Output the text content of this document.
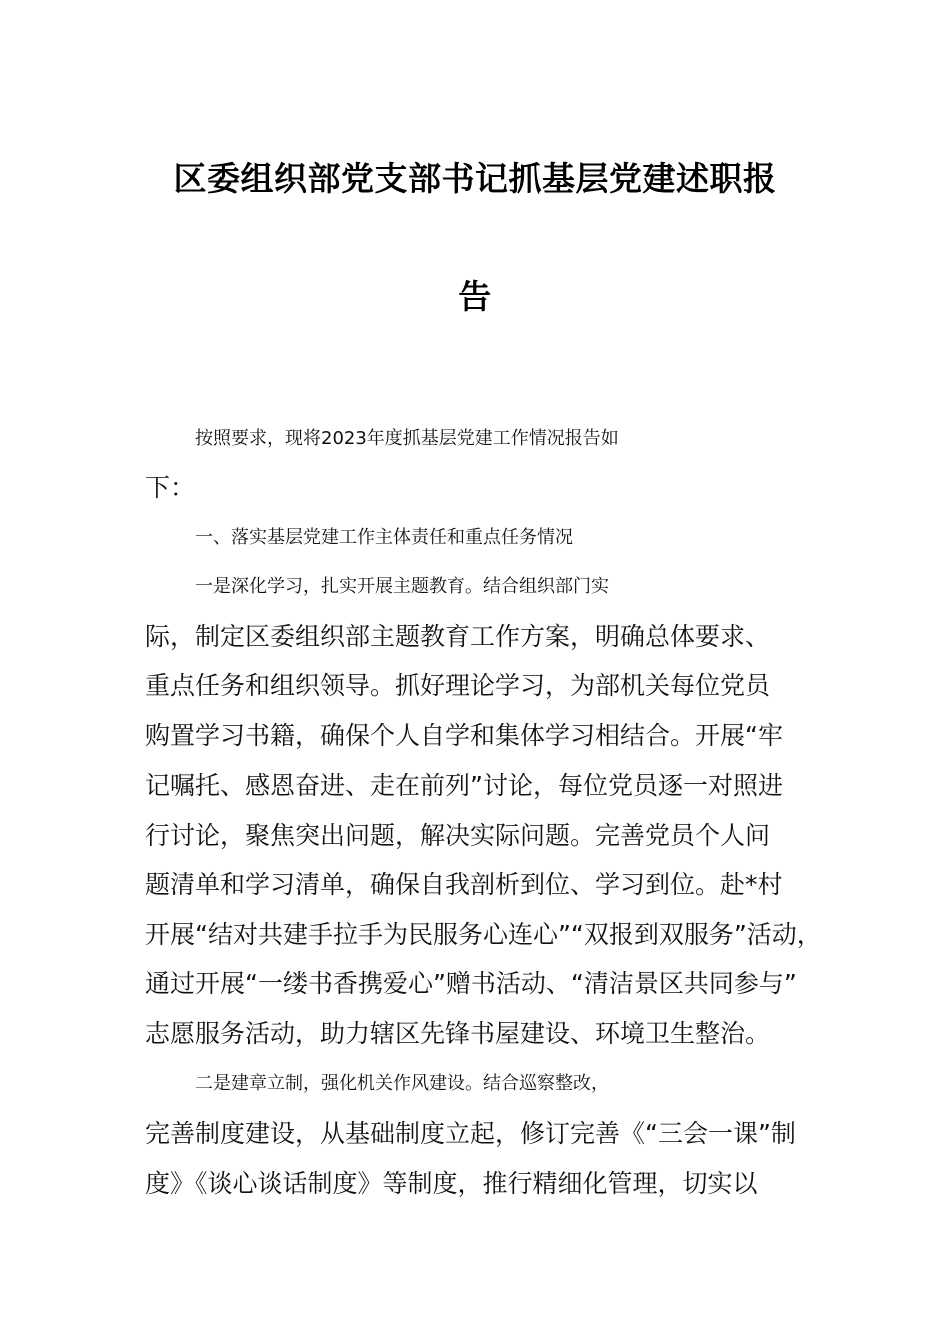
区委组织部党支部书记抓基层党建述职报
告
按照要求，现将2023年度抓基层党建工作情况报告如
下：
一、落实基层党建工作主体责任和重点任务情况
一是深化学习，扎实开展主题教育。结合组织部门实
际，制定区委组织部主题教育工作方案，明确总体要求、
重点任务和组织领导。抓好理论学习，为部机关每位党员
购置学习书籍，确保个人自学和集体学习相结合。开展“牢
记嘱托、感恩奋进、走在前列”讨论，每位党员逐一对照进
行讨论，聚焦突出问题，解决实际问题。完善党员个人问
题清单和学习清单，确保自我剖析到位、学习到位。赴*村
开展“结对共建手拉手为民服务心连心”“双报到双服务”活动，
通过开展“一缕书香携爱心”赠书活动、“清洁景区共同参与”
志愿服务活动，助力辖区先锋书屋建设、环境卫生整治。
二是建章立制，强化机关作风建设。结合巡察整改，
完善制度建设，从基础制度立起，修订完善《“三会一课”制
度》《谈心谈话制度》等制度，推行精细化管理，切实以
